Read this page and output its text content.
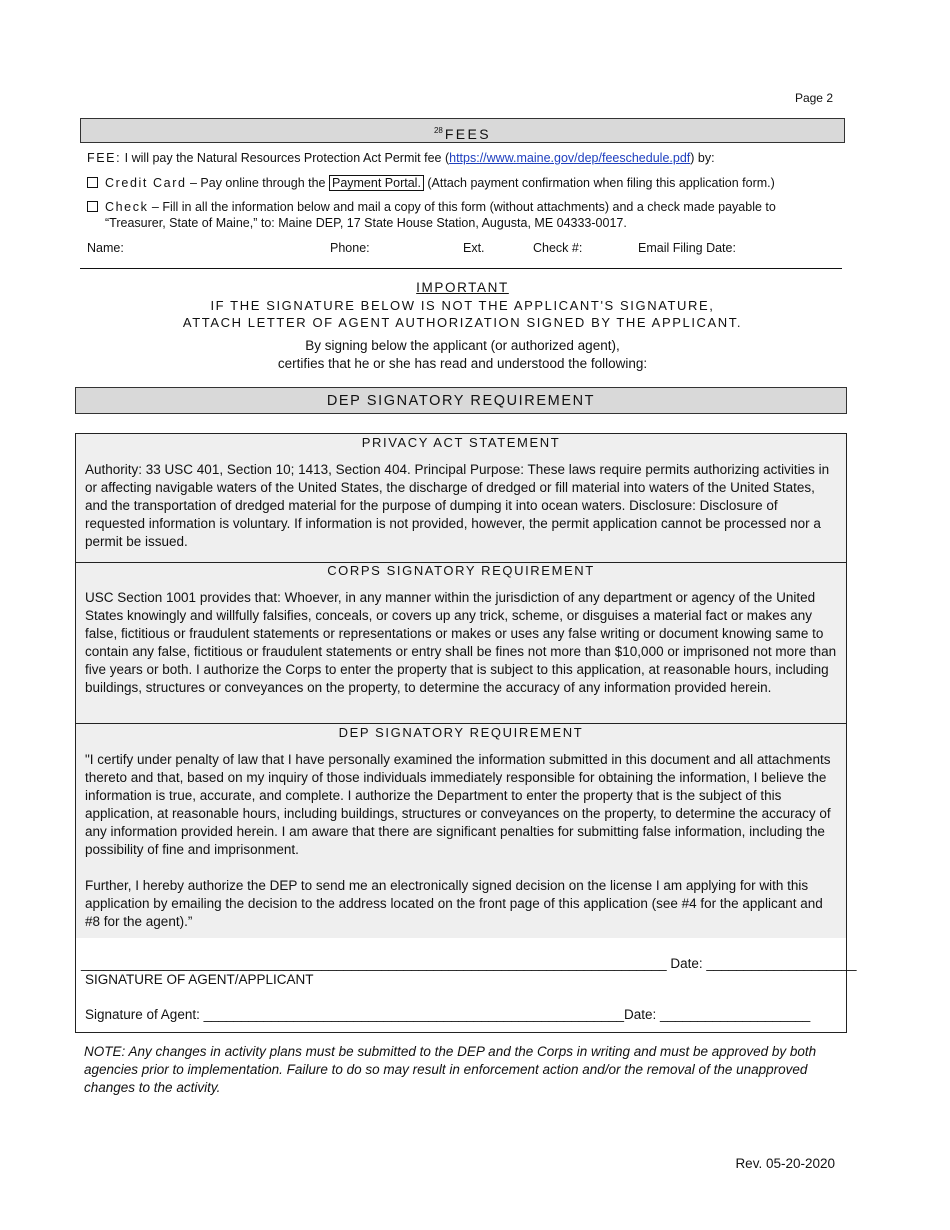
Page 2
$^{28}$ FEES
FEE: I will pay the Natural Resources Protection Act Permit fee (https://www.maine.gov/dep/feeschedule.pdf) by:
Credit Card – Pay online through the Payment Portal. (Attach payment confirmation when filing this application form.)
Check – Fill in all the information below and mail a copy of this form (without attachments) and a check made payable to
“Treasurer, State of Maine,” to: Maine DEP, 17 State House Station, Augusta, ME 04333-0017.
Name:	Phone:	Ext.	Check #:	Email Filing Date:
IMPORTANT
IF THE SIGNATURE BELOW IS NOT THE APPLICANT'S SIGNATURE,
ATTACH LETTER OF AGENT AUTHORIZATION SIGNED BY THE APPLICANT.
By signing below the applicant (or authorized agent),
certifies that he or she has read and understood the following:
DEP SIGNATORY REQUIREMENT
PRIVACY ACT STATEMENT
Authority: 33 USC 401, Section 10; 1413, Section 404. Principal Purpose: These laws require permits authorizing activities in or affecting navigable waters of the United States, the discharge of dredged or fill material into waters of the United States, and the transportation of dredged material for the purpose of dumping it into ocean waters. Disclosure: Disclosure of requested information is voluntary. If information is not provided, however, the permit application cannot be processed nor a permit be issued.
CORPS SIGNATORY REQUIREMENT
USC Section 1001 provides that: Whoever, in any manner within the jurisdiction of any department or agency of the United States knowingly and willfully falsifies, conceals, or covers up any trick, scheme, or disguises a material fact or makes any false, fictitious or fraudulent statements or representations or makes or uses any false writing or document knowing same to contain any false, fictitious or fraudulent statements or entry shall be fines not more than $10,000 or imprisoned not more than five years or both. I authorize the Corps to enter the property that is subject to this application, at reasonable hours, including buildings, structures or conveyances on the property, to determine the accuracy of any information provided herein.
DEP SIGNATORY REQUIREMENT
"I certify under penalty of law that I have personally examined the information submitted in this document and all attachments thereto and that, based on my inquiry of those individuals immediately responsible for obtaining the information, I believe the information is true, accurate, and complete. I authorize the Department to enter the property that is the subject of this application, at reasonable hours, including buildings, structures or conveyances on the property, to determine the accuracy of any information provided herein. I am aware that there are significant penalties for submitting false information, including the possibility of fine and imprisonment.
Further, I hereby authorize the DEP to send me an electronically signed decision on the license I am applying for with this application by emailing the decision to the address located on the front page of this application (see #4 for the applicant and #8 for the agent).”
______________________________________________________________________________ Date: ____________________
SIGNATURE OF AGENT/APPLICANT
Signature of Agent: ________________________________________________________Date: ____________________
NOTE: Any changes in activity plans must be submitted to the DEP and the Corps in writing and must be approved by both agencies prior to implementation. Failure to do so may result in enforcement action and/or the removal of the unapproved changes to the activity.
Rev. 05-20-2020
